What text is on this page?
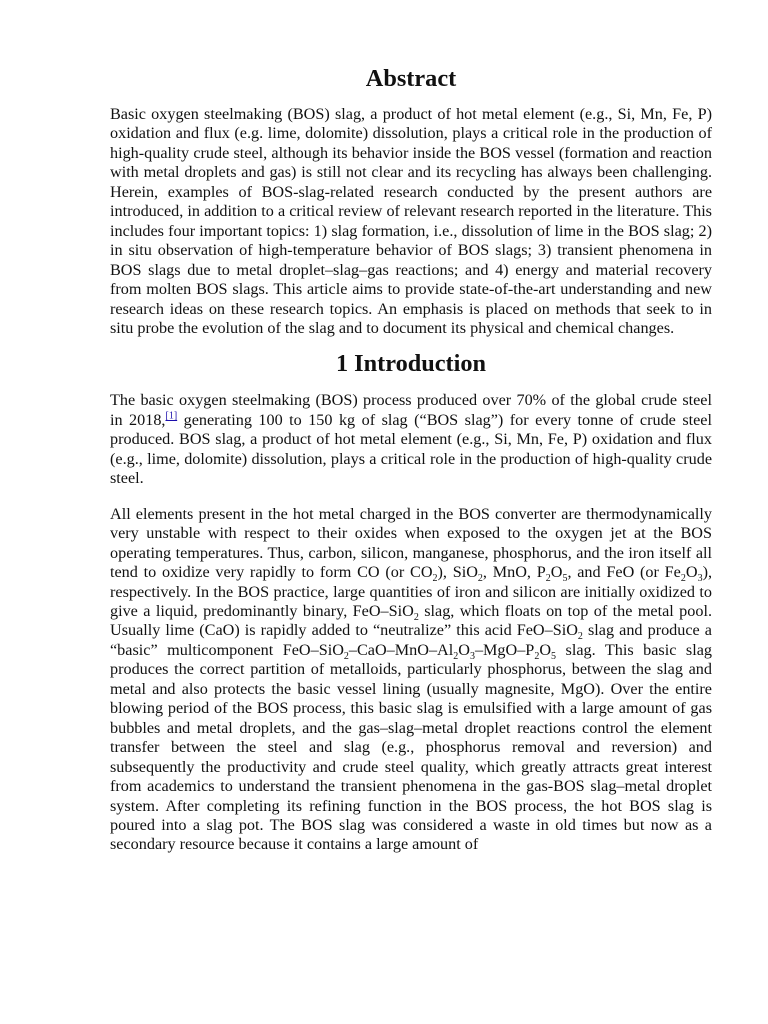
Abstract

Basic oxygen steelmaking (BOS) slag, a product of hot metal element (e.g., Si, Mn, Fe, P) oxidation and flux (e.g. lime, dolomite) dissolution, plays a critical role in the production of high-quality crude steel, although its behavior inside the BOS vessel (formation and reaction with metal droplets and gas) is still not clear and its recycling has always been challenging. Herein, examples of BOS-slag-related research conducted by the present authors are introduced, in addition to a critical review of relevant research reported in the literature. This includes four important topics: 1) slag formation, i.e., dissolution of lime in the BOS slag; 2) in situ observation of high-temperature behavior of BOS slags; 3) transient phenomena in BOS slags due to metal droplet–slag–gas reactions; and 4) energy and material recovery from molten BOS slags. This article aims to provide state-of-the-art understanding and new research ideas on these research topics. An emphasis is placed on methods that seek to in situ probe the evolution of the slag and to document its physical and chemical changes.

1 Introduction

The basic oxygen steelmaking (BOS) process produced over 70% of the global crude steel in 2018,[1] generating 100 to 150 kg of slag (“BOS slag”) for every tonne of crude steel produced. BOS slag, a product of hot metal element (e.g., Si, Mn, Fe, P) oxidation and flux (e.g., lime, dolomite) dissolution, plays a critical role in the production of high-quality crude steel.

All elements present in the hot metal charged in the BOS converter are thermodynamically very unstable with respect to their oxides when exposed to the oxygen jet at the BOS operating temperatures. Thus, carbon, silicon, manganese, phosphorus, and the iron itself all tend to oxidize very rapidly to form CO (or $CO_2$), SiO$_2$, MnO, $P_2O_5$, and FeO (or $Fe_2O_3$), respectively. In the BOS practice, large quantities of iron and silicon are initially oxidized to give a liquid, predominantly binary, FeO–SiO$_2$ slag, which floats on top of the metal pool. Usually lime (CaO) is rapidly added to “neutralize” this acid FeO–SiO$_2$ slag and produce a “basic” multicomponent FeO–$SiO_2-CaO-MnO-Al_2O_3-MgO-P_2O_5$ slag. This basic slag produces the correct partition of metalloids, particularly phosphorus, between the slag and metal and also protects the basic vessel lining (usually magnesite, MgO). Over the entire blowing period of the BOS process, this basic slag is emulsified with a large amount of gas bubbles and metal droplets, and the gas–slag–metal droplet reactions control the element transfer between the steel and slag (e.g., phosphorus removal and reversion) and subsequently the productivity and crude steel quality, which greatly attracts great interest from academics to understand the transient phenomena in the gas-BOS slag–metal droplet system. After completing its refining function in the BOS process, the hot BOS slag is poured into a slag pot. The BOS slag was considered a waste in old times but now as a secondary resource because it contains a large amount of
